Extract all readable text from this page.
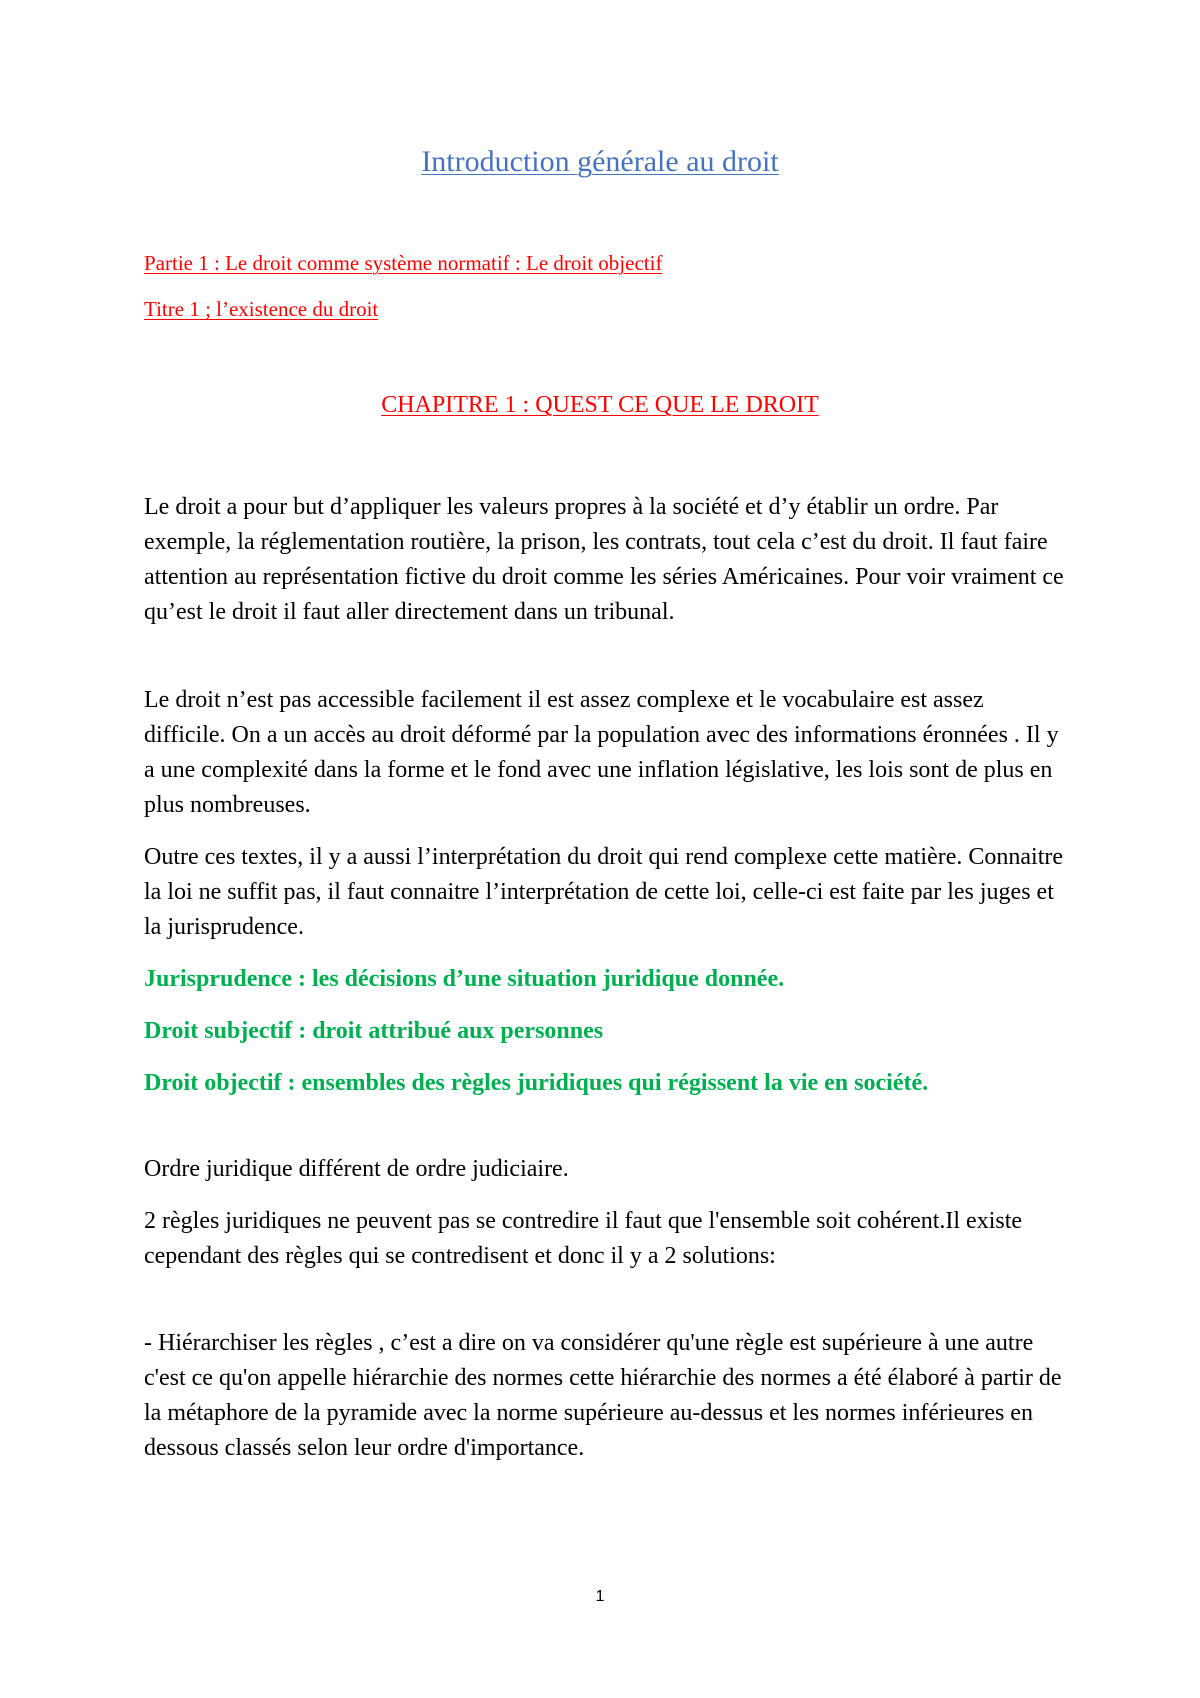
Introduction générale au droit
Partie 1 : Le droit comme système normatif : Le droit objectif
Titre 1 ; l’existence du droit
CHAPITRE 1 : QUEST CE QUE LE DROIT

Le droit a pour but d’appliquer les valeurs propres à la société et d’y établir un ordre. Par exemple, la réglementation routière, la prison, les contrats, tout cela c’est du droit. Il faut faire attention au représentation fictive du droit comme les séries Américaines. Pour voir vraiment ce qu’est le droit il faut aller directement dans un tribunal.

Le droit n’est pas accessible facilement il est assez complexe et le vocabulaire est assez difficile. On a un accès au droit déformé par la population avec des informations éronnées . Il y a une complexité dans la forme et le fond avec une inflation législative, les lois sont de plus en plus nombreuses.

Outre ces textes, il y a aussi l’interprétation du droit qui rend complexe cette matière. Connaitre la loi ne suffit pas, il faut connaitre l’interprétation de cette loi, celle-ci est faite par les juges et la jurisprudence.

Jurisprudence : les décisions d’une situation juridique donnée.

Droit subjectif : droit attribué aux personnes

Droit objectif : ensembles des règles juridiques qui régissent la vie en société.

Ordre juridique différent de ordre judiciaire.

2 règles juridiques ne peuvent pas se contredire il faut que l'ensemble soit cohérent.Il existe cependant des règles qui se contredisent et donc il y a 2 solutions:

- Hiérarchiser les règles , c’est a dire on va considérer qu'une règle est supérieure à une autre c'est ce qu'on appelle hiérarchie des normes cette hiérarchie des normes a été élaboré à partir de la métaphore de la pyramide avec la norme supérieure au-dessus et les normes inférieures en dessous classés selon leur ordre d'importance.

1
